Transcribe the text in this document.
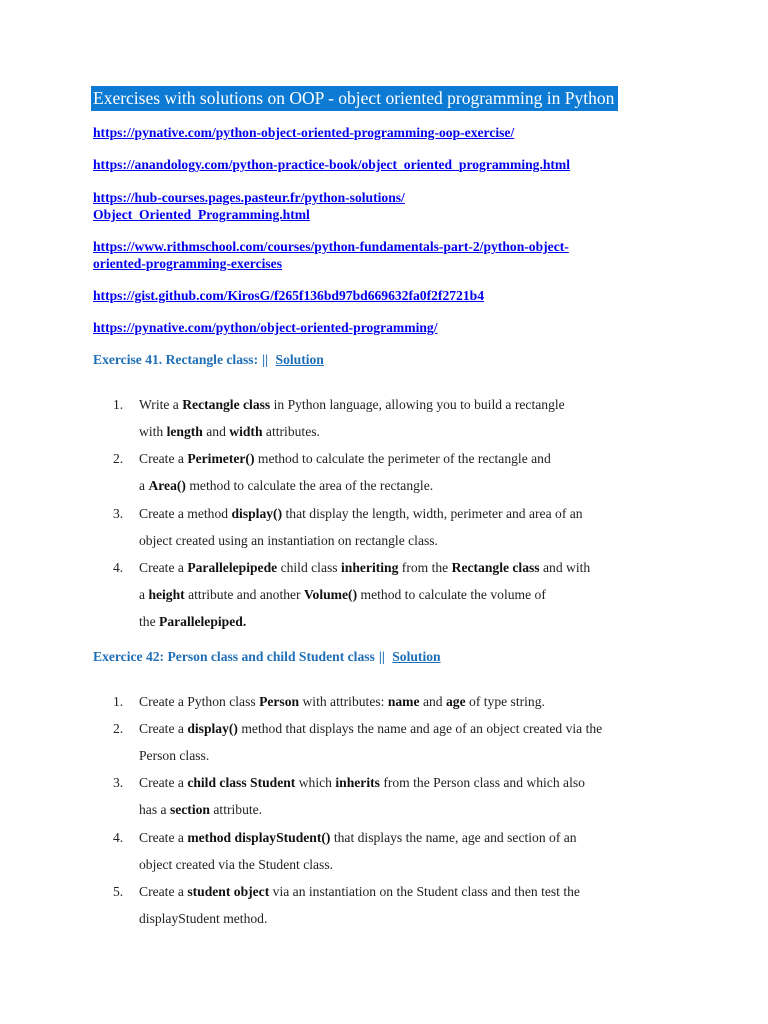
Exercises with solutions on OOP - object oriented programming in Python
https://pynative.com/python-object-oriented-programming-oop-exercise/
https://anandology.com/python-practice-book/object_oriented_programming.html
https://hub-courses.pages.pasteur.fr/python-solutions/
Object_Oriented_Programming.html
https://www.rithmschool.com/courses/python-fundamentals-part-2/python-object-
oriented-programming-exercises
https://gist.github.com/KirosG/f265f136bd97bd669632fa0f2f2721b4
https://pynative.com/python/object-oriented-programming/
Exercise 41. Rectangle class: || Solution
1.	Write a Rectangle class in Python language, allowing you to build a rectangle
with length and width attributes.
2.	Create a Perimeter() method to calculate the perimeter of the rectangle and
a Area() method to calculate the area of the rectangle.
3.	Create a method display() that display the length, width, perimeter and area of an
object created using an instantiation on rectangle class.
4.	Create a Parallelepipede child class inheriting from the Rectangle class and with
a height attribute and another Volume() method to calculate the volume of
the Parallelepiped.
Exercice 42: Person class and child Student class || Solution
1.	Create a Python class Person with attributes: name and age of type string.
2.	Create a display() method that displays the name and age of an object created via the
Person class.
3.	Create a child class Student which inherits from the Person class and which also
has a section attribute.
4.	Create a method displayStudent() that displays the name, age and section of an
object created via the Student class.
5.	Create a student object via an instantiation on the Student class and then test the
displayStudent method.
